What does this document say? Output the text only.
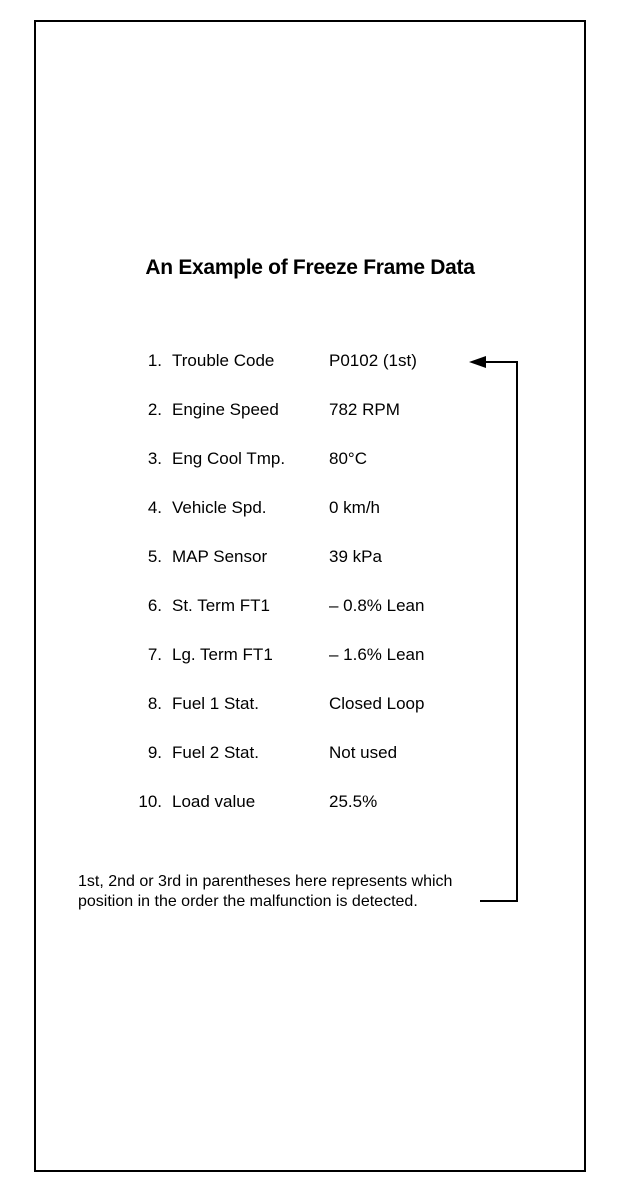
An Example of Freeze Frame Data
1. Trouble Code	P0102 (1st)
2. Engine Speed	782 RPM
3. Eng Cool Tmp.	80°C
4. Vehicle Spd.	0 km/h
5. MAP Sensor	39 kPa
6. St. Term FT1	– 0.8% Lean
7. Lg. Term FT1	– 1.6% Lean
8. Fuel 1 Stat.	Closed Loop
9. Fuel 2 Stat.	Not used
10. Load value	25.5%
1st, 2nd or 3rd in parentheses here represents which position in the order the malfunction is detected.
